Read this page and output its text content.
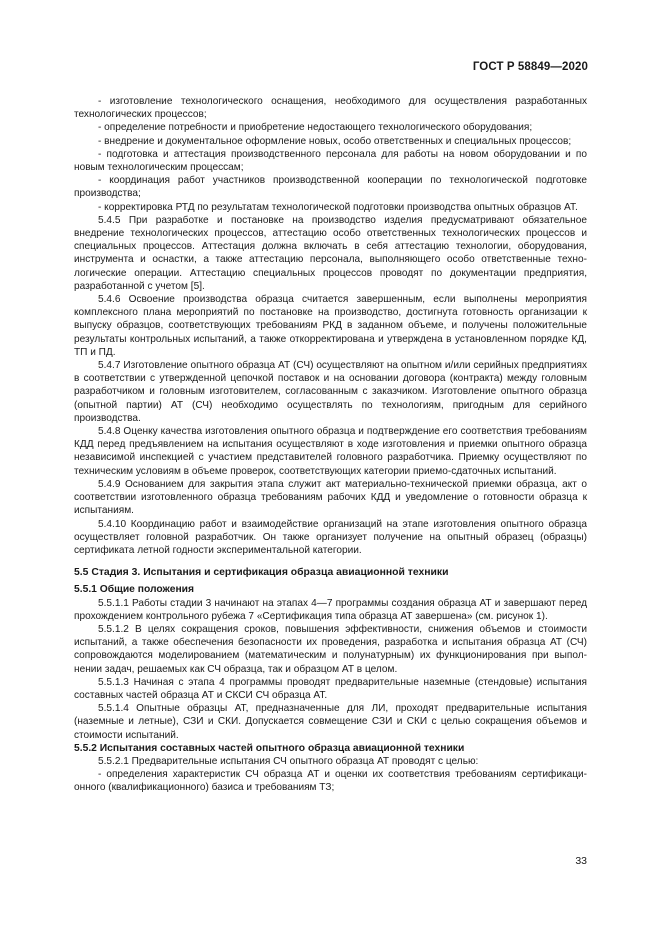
ГОСТ Р 58849—2020

- изготовление технологического оснащения, необходимого для осуществления разработанных технологических процессов;

- определение потребности и приобретение недостающего технологического оборудования;

- внедрение и документальное оформление новых, особо ответственных и специальных процессов;

- подготовка и аттестация производственного персонала для работы на новом оборудовании и по новым технологическим процессам;

- координация работ участников производственной кооперации по технологической подготовке производства;

- корректировка РТД по результатам технологической подготовки производства опытных образцов АТ.

5.4.5 При разработке и постановке на производство изделия предусматривают обязательное внедрение технологических процессов, аттестацию особо ответственных технологических процессов и специальных процессов. Аттестация должна включать в себя аттестацию технологии, оборудования, инструмента и оснастки, а также аттестацию персонала, выполняющего особо ответственные технологические операции. Аттестацию специальных процессов проводят по документации предприятия, разработанной с учетом [5].

5.4.6 Освоение производства образца считается завершенным, если выполнены мероприятия комплексного плана мероприятий по постановке на производство, достигнута готовность организации к выпуску образцов, соответствующих требованиям РКД в заданном объеме, и получены положительные результаты контрольных испытаний, а также откорректирована и утверждена в установленном порядке КД, ТП и ПД.

5.4.7 Изготовление опытного образца АТ (СЧ) осуществляют на опытном и/или серийных предприятиях в соответствии с утвержденной цепочкой поставок и на основании договора (контракта) между головным разработчиком и головным изготовителем, согласованным с заказчиком. Изготовление опытного образца (опытной партии) АТ (СЧ) необходимо осуществлять по технологиям, пригодным для серийного производства.

5.4.8 Оценку качества изготовления опытного образца и подтверждение его соответствия требованиям КДД перед предъявлением на испытания осуществляют в ходе изготовления и приемки опытного образца независимой инспекцией с участием представителей головного разработчика. Приемку осуществляют по техническим условиям в объеме проверок, соответствующих категории приемо-сдаточных испытаний.

5.4.9 Основанием для закрытия этапа служит акт материально-технической приемки образца, акт о соответствии изготовленного образца требованиям рабочих КДД и уведомление о готовности образца к испытаниям.

5.4.10 Координацию работ и взаимодействие организаций на этапе изготовления опытного образца осуществляет головной разработчик. Он также организует получение на опытный образец (образцы) сертификата летной годности экспериментальной категории.

5.5 Стадия 3. Испытания и сертификация образца авиационной техники
5.5.1 Общие положения

5.5.1.1 Работы стадии 3 начинают на этапах 4—7 программы создания образца АТ и завершают перед прохождением контрольного рубежа 7 «Сертификация типа образца АТ завершена» (см. рисунок 1).

5.5.1.2 В целях сокращения сроков, повышения эффективности, снижения объемов и стоимости испытаний, а также обеспечения безопасности их проведения, разработка и испытания образца АТ (СЧ) сопровождаются моделированием (математическим и полунатурным) их функционирования при выполнении задач, решаемых как СЧ образца, так и образцом АТ в целом.

5.5.1.3 Начиная с этапа 4 программы проводят предварительные наземные (стендовые) испытания составных частей образца АТ и СКСИ СЧ образца АТ.

5.5.1.4 Опытные образцы АТ, предназначенные для ЛИ, проходят предварительные испытания (наземные и летные), СЗИ и СКИ. Допускается совмещение СЗИ и СКИ с целью сокращения объемов и стоимости испытаний.

5.5.2 Испытания составных частей опытного образца авиационной техники

5.5.2.1 Предварительные испытания СЧ опытного образца АТ проводят с целью:

- определения характеристик СЧ образца АТ и оценки их соответствия требованиям сертификационного (квалификационного) базиса и требованиям ТЗ;

33
